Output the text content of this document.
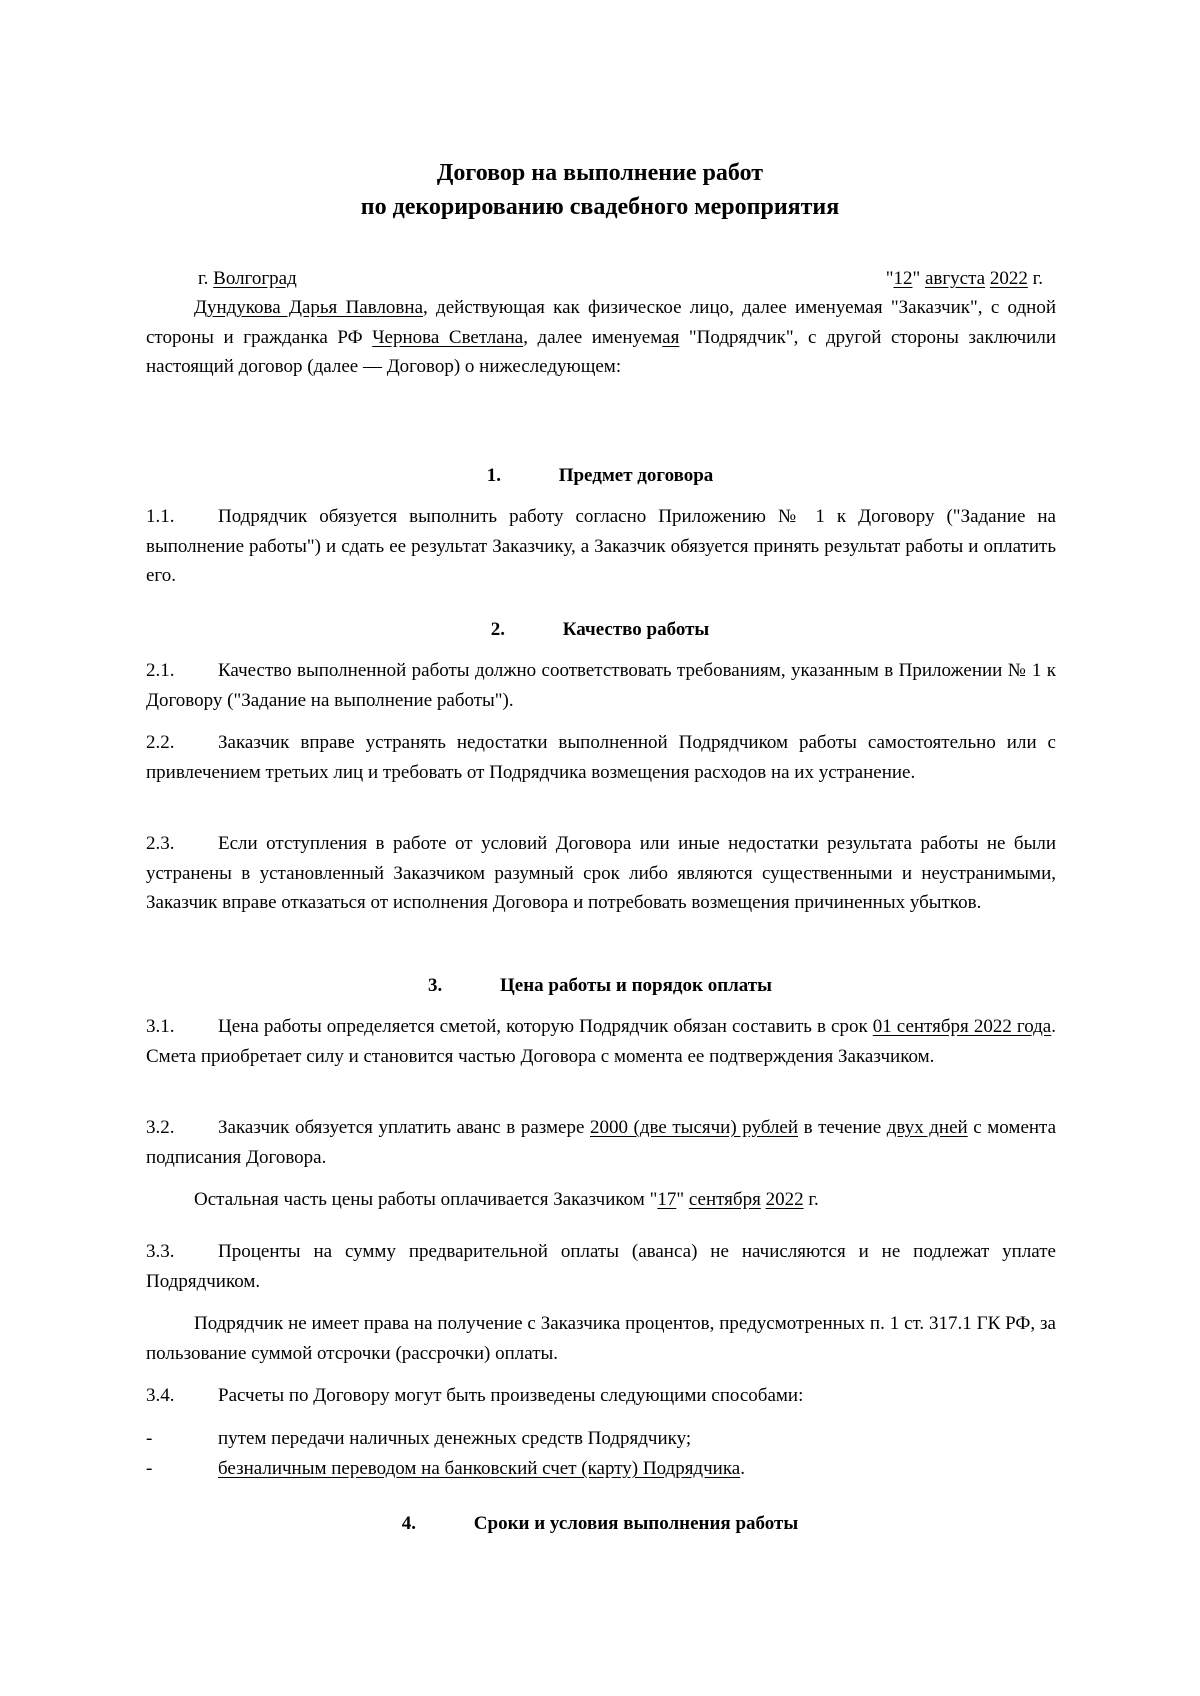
Договор на выполнение работ
по декорированию свадебного мероприятия
г. Волгоград	"12" августа 2022 г.
Дундукова Дарья Павловна, действующая как физическое лицо, далее именуемая "Заказчик", с одной стороны и гражданка РФ Чернова Светлана, далее именуемая "Подрядчик", с другой стороны заключили настоящий договор (далее — Договор) о нижеследующем:
1.	Предмет договора
1.1. Подрядчик обязуется выполнить работу согласно Приложению № 1 к Договору ("Задание на выполнение работы") и сдать ее результат Заказчику, а Заказчик обязуется принять результат работы и оплатить его.
2.	Качество работы
2.1. Качество выполненной работы должно соответствовать требованиям, указанным в Приложении № 1 к Договору ("Задание на выполнение работы").
2.2. Заказчик вправе устранять недостатки выполненной Подрядчиком работы самостоятельно или с привлечением третьих лиц и требовать от Подрядчика возмещения расходов на их устранение.
2.3. Если отступления в работе от условий Договора или иные недостатки результата работы не были устранены в установленный Заказчиком разумный срок либо являются существенными и неустранимыми, Заказчик вправе отказаться от исполнения Договора и потребовать возмещения причиненных убытков.
3.	Цена работы и порядок оплаты
3.1. Цена работы определяется сметой, которую Подрядчик обязан составить в срок 01 сентября 2022 года. Смета приобретает силу и становится частью Договора с момента ее подтверждения Заказчиком.
3.2. Заказчик обязуется уплатить аванс в размере 2000 (две тысячи) рублей в течение двух дней с момента подписания Договора.
Остальная часть цены работы оплачивается Заказчиком "17" сентября 2022 г.
3.3. Проценты на сумму предварительной оплаты (аванса) не начисляются и не подлежат уплате Подрядчиком.
Подрядчик не имеет права на получение с Заказчика процентов, предусмотренных п. 1 ст. 317.1 ГК РФ, за пользование суммой отсрочки (рассрочки) оплаты.
3.4. Расчеты по Договору могут быть произведены следующими способами:
-	путем передачи наличных денежных средств Подрядчику;
-	безналичным переводом на банковский счет (карту) Подрядчика.
4.	Сроки и условия выполнения работы
